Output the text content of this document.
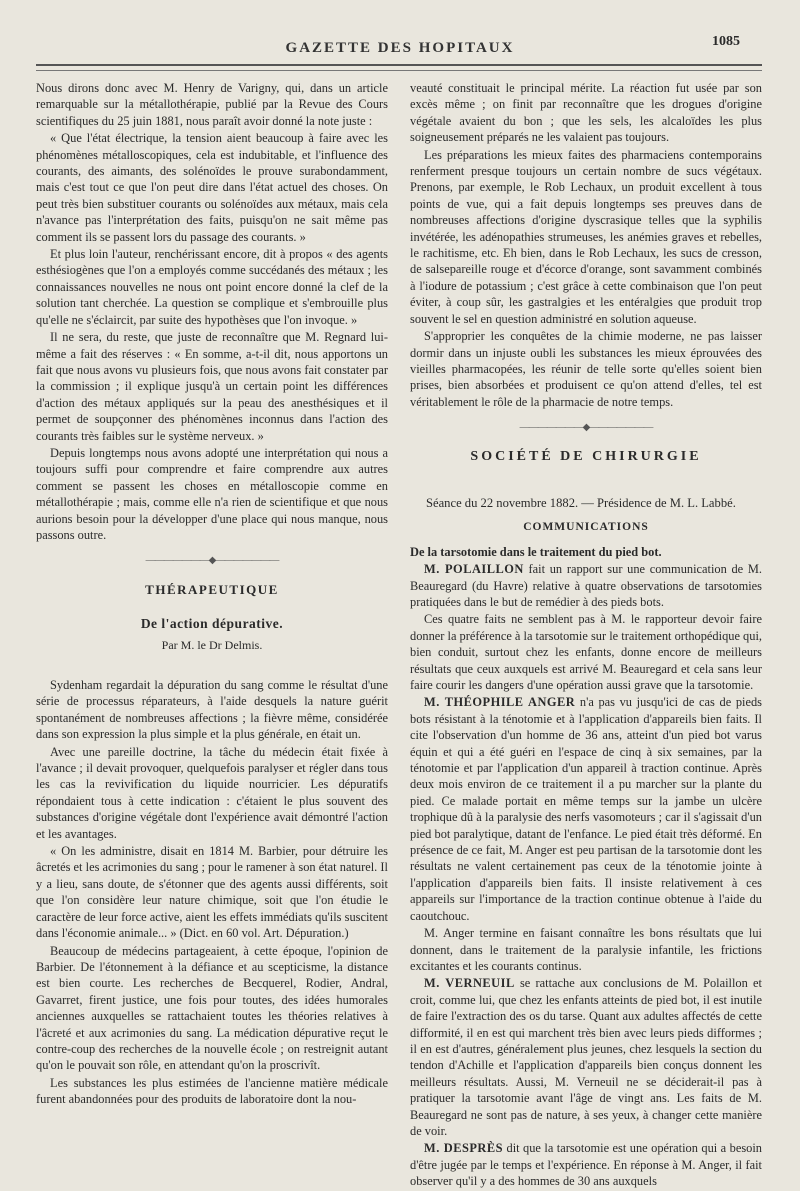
GAZETTE DES HOPITAUX	1085

Nous dirons donc avec M. Henry de Varigny, qui, dans un article remarquable sur la métallothérapie, publié par la Revue des Cours scientifiques du 25 juin 1881, nous paraît avoir donné la note juste :

« Que l'état électrique, la tension aient beaucoup à faire avec les phénomènes métalloscopiques, cela est indubitable, et l'influence des courants, des aimants, des solénoïdes le prouve surabondamment, mais c'est tout ce que l'on peut dire dans l'état actuel des choses. On peut très bien substituer courants ou solénoïdes aux métaux, mais cela n'avance pas l'interprétation des faits, puisqu'on ne sait même pas comment ils se passent lors du passage des courants. »

Et plus loin l'auteur, renchérissant encore, dit à propos « des agents esthésiogènes que l'on a employés comme succédanés des métaux ; les connaissances nouvelles ne nous ont point encore donné la clef de la solution tant cherchée. La question se complique et s'embrouille plus qu'elle ne s'éclaircit, par suite des hypothèses que l'on invoque. »

Il ne sera, du reste, que juste de reconnaître que M. Regnard lui-même a fait des réserves : « En somme, a-t-il dit, nous apportons un fait que nous avons vu plusieurs fois, que nous avons fait constater par la commission ; il explique jusqu'à un certain point les différences d'action des métaux appliqués sur la peau des anesthésiques et il permet de soupçonner des phénomènes inconnus dans l'action des courants très faibles sur le système nerveux. »

Depuis longtemps nous avons adopté une interprétation qui nous a toujours suffi pour comprendre et faire comprendre aux autres comment se passent les choses en métalloscopie comme en métallothérapie ; mais, comme elle n'a rien de scientifique et que nous aurions besoin pour la développer d'une place qui nous manque, nous passons outre.

———————◆———————
THÉRAPEUTIQUE
De l'action dépurative.
Par M. le Dr Delmis.

Sydenham regardait la dépuration du sang comme le résultat d'une série de processus réparateurs, à l'aide desquels la nature guérit spontanément de nombreuses affections ; la fièvre même, considérée dans son expression la plus simple et la plus générale, en était un.

Avec une pareille doctrine, la tâche du médecin était fixée à l'avance ; il devait provoquer, quelquefois paralyser et régler dans tous les cas la revivification du liquide nourricier. Les dépuratifs répondaient tous à cette indication : c'étaient le plus souvent des substances d'origine végétale dont l'expérience avait démontré l'action et les avantages.

« On les administre, disait en 1814 M. Barbier, pour détruire les âcretés et les acrimonies du sang ; pour le ramener à son état naturel. Il y a lieu, sans doute, de s'étonner que des agents aussi différents, soit que l'on considère leur nature chimique, soit que l'on étudie le caractère de leur force active, aient les effets immédiats qu'ils suscitent dans l'économie animale... » (Dict. en 60 vol. Art. Dépuration.)

Beaucoup de médecins partageaient, à cette époque, l'opinion de Barbier. De l'étonnement à la défiance et au scepticisme, la distance est bien courte. Les recherches de Becquerel, Rodier, Andral, Gavarret, firent justice, une fois pour toutes, des idées humorales anciennes auxquelles se rattachaient toutes les théories relatives à l'âcreté et aux acrimonies du sang. La médication dépurative reçut le contre-coup des recherches de la nouvelle école ; on restreignit autant qu'on le pouvait son rôle, en attendant qu'on la proscrivît.

Les substances les plus estimées de l'ancienne matière médicale furent abandonnées pour des produits de laboratoire dont la nou-

veauté constituait le principal mérite. La réaction fut usée par son excès même ; on finit par reconnaître que les drogues d'origine végétale avaient du bon ; que les sels, les alcaloïdes les plus soigneusement préparés ne les valaient pas toujours.

Les préparations les mieux faites des pharmaciens contemporains renferment presque toujours un certain nombre de sucs végétaux. Prenons, par exemple, le Rob Lechaux, un produit excellent à tous points de vue, qui a fait depuis longtemps ses preuves dans de nombreuses affections d'origine dyscrasique telles que la syphilis invétérée, les adénopathies strumeuses, les anémies graves et rebelles, le rachitisme, etc. Eh bien, dans le Rob Lechaux, les sucs de cresson, de salsepareille rouge et d'écorce d'orange, sont savamment combinés à l'iodure de potassium ; c'est grâce à cette combinaison que l'on peut éviter, à coup sûr, les gastralgies et les entéralgies que produit trop souvent le sel en question administré en solution aqueuse.

S'approprier les conquêtes de la chimie moderne, ne pas laisser dormir dans un injuste oubli les substances les mieux éprouvées des vieilles pharmacopées, les réunir de telle sorte qu'elles soient bien prises, bien absorbées et produisent ce qu'on attend d'elles, tel est véritablement le rôle de la pharmacie de notre temps.

———————◆———————
SOCIÉTÉ DE CHIRURGIE
Séance du 22 novembre 1882. — Présidence de M. L. Labbé.
COMMUNICATIONS

De la tarsotomie dans le traitement du pied bot.

M. POLAILLON fait un rapport sur une communication de M. Beauregard (du Havre) relative à quatre observations de tarsotomies pratiquées dans le but de remédier à des pieds bots.

Ces quatre faits ne semblent pas à M. le rapporteur devoir faire donner la préférence à la tarsotomie sur le traitement orthopédique qui, bien conduit, surtout chez les enfants, donne encore de meilleurs résultats que ceux auxquels est arrivé M. Beauregard et cela sans leur faire courir les dangers d'une opération aussi grave que la tarsotomie.

M. THÉOPHILE ANGER n'a pas vu jusqu'ici de cas de pieds bots résistant à la ténotomie et à l'application d'appareils bien faits. Il cite l'observation d'un homme de 36 ans, atteint d'un pied bot varus équin et qui a été guéri en l'espace de cinq à six semaines, par la ténotomie et par l'application d'un appareil à traction continue. Après deux mois environ de ce traitement il a pu marcher sur la plante du pied. Ce malade portait en même temps sur la jambe un ulcère trophique dû à la paralysie des nerfs vasomoteurs ; car il s'agissait d'un pied bot paralytique, datant de l'enfance. Le pied était très déformé. En présence de ce fait, M. Anger est peu partisan de la tarsotomie dont les résultats ne valent certainement pas ceux de la ténotomie jointe à l'application d'appareils bien faits. Il insiste relativement à ces appareils sur l'importance de la traction continue obtenue à l'aide du caoutchouc.

M. Anger termine en faisant connaître les bons résultats que lui donnent, dans le traitement de la paralysie infantile, les frictions excitantes et les courants continus.

M. VERNEUIL se rattache aux conclusions de M. Polaillon et croit, comme lui, que chez les enfants atteints de pied bot, il est inutile de faire l'extraction des os du tarse. Quant aux adultes affectés de cette difformité, il en est qui marchent très bien avec leurs pieds difformes ; il en est d'autres, généralement plus jeunes, chez lesquels la section du tendon d'Achille et l'application d'appareils bien conçus donnent les meilleurs résultats. Aussi, M. Verneuil ne se déciderait-il pas à pratiquer la tarsotomie avant l'âge de vingt ans. Les faits de M. Beauregard ne sont pas de nature, à ses yeux, à changer cette manière de voir.

M. DESPRÈS dit que la tarsotomie est une opération qui a besoin d'être jugée par le temps et l'expérience. En réponse à M. Anger, il fait observer qu'il y a des hommes de 30 ans auxquels
